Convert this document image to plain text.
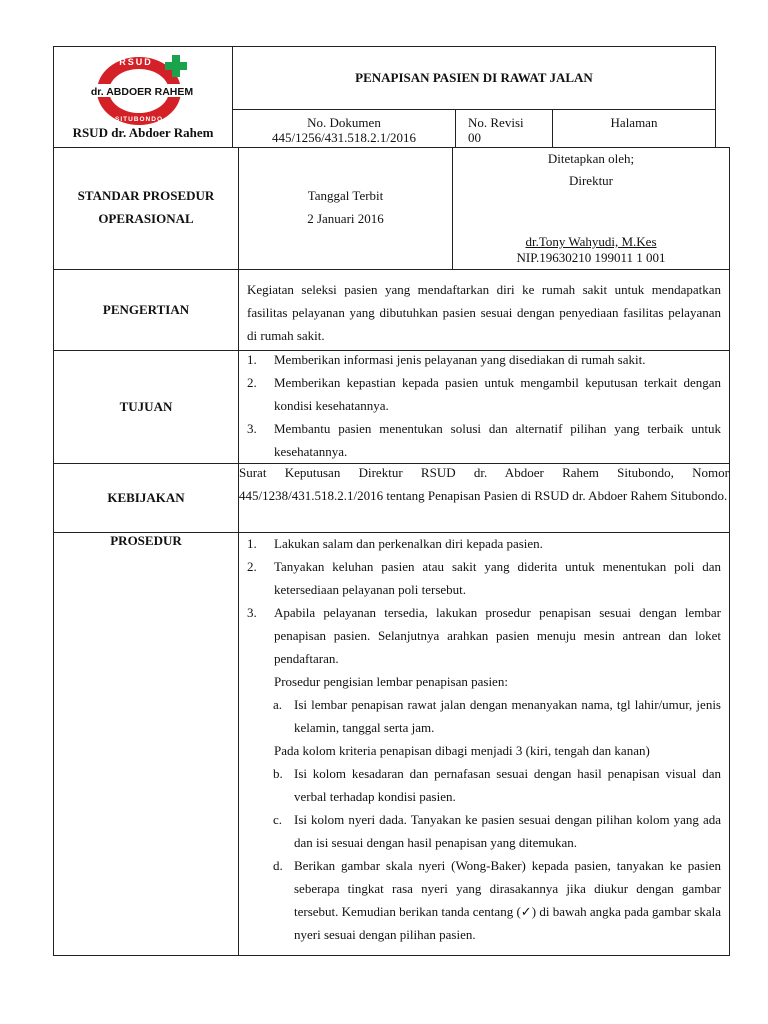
RSUD
dr. ABDOER RAHEM
SITUBONDO
RSUD dr. Abdoer Rahem
PENAPISAN PASIEN DI RAWAT JALAN
No. Dokumen
445/1256/431.518.2.1/2016
No. Revisi
00
Halaman
STANDAR PROSEDUR
OPERASIONAL
Tanggal Terbit
2 Januari 2016
Ditetapkan oleh;
Direktur
dr.Tony Wahyudi, M.Kes
NIP.19630210 199011 1 001
PENGERTIAN
Kegiatan seleksi pasien yang mendaftarkan diri ke rumah sakit untuk mendapatkan fasilitas pelayanan yang dibutuhkan pasien sesuai dengan penyediaan fasilitas pelayanan di rumah sakit.
TUJUAN
1. Memberikan informasi jenis pelayanan yang disediakan di rumah sakit.
2. Memberikan kepastian kepada pasien untuk mengambil keputusan terkait dengan kondisi kesehatannya.
3. Membantu pasien menentukan solusi dan alternatif pilihan yang terbaik untuk kesehatannya.
KEBIJAKAN
Surat Keputusan Direktur RSUD dr. Abdoer Rahem Situbondo, Nomor 445/1238/431.518.2.1/2016 tentang Penapisan Pasien di RSUD dr. Abdoer Rahem Situbondo.
PROSEDUR	1. Lakukan salam dan perkenalkan diri kepada pasien.
2. Tanyakan keluhan pasien atau sakit yang diderita untuk menentukan poli dan ketersediaan pelayanan poli tersebut.
3. Apabila pelayanan tersedia, lakukan prosedur penapisan sesuai dengan lembar penapisan pasien. Selanjutnya arahkan pasien menuju mesin antrean dan loket pendaftaran.
Prosedur pengisian lembar penapisan pasien:
a. Isi lembar penapisan rawat jalan dengan menanyakan nama, tgl lahir/umur, jenis kelamin, tanggal serta jam.
Pada kolom kriteria penapisan dibagi menjadi 3 (kiri, tengah dan kanan)
b. Isi kolom kesadaran dan pernafasan sesuai dengan hasil penapisan visual dan verbal terhadap kondisi pasien.
c. Isi kolom nyeri dada. Tanyakan ke pasien sesuai dengan pilihan kolom yang ada dan isi sesuai dengan hasil penapisan yang ditemukan.
d. Berikan gambar skala nyeri (Wong-Baker) kepada pasien, tanyakan ke pasien seberapa tingkat rasa nyeri yang dirasakannya jika diukur dengan gambar tersebut. Kemudian berikan tanda centang (✓) di bawah angka pada gambar skala nyeri sesuai dengan pilihan pasien.
